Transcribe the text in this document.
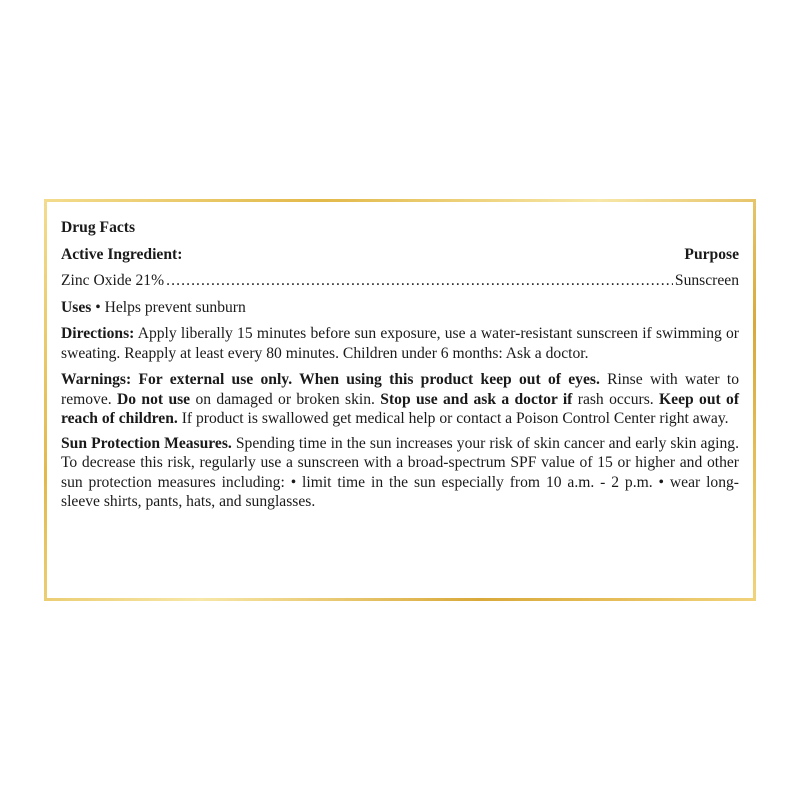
Drug Facts
Active Ingredient:	Purpose
Zinc Oxide 21%
. . .	Sunscreen

Uses • Helps prevent sunburn

Directions: Apply liberally 15 minutes before sun exposure, use a water-resistant sunscreen if swimming or sweating. Reapply at least every 80 minutes. Children under 6 months: Ask a doctor.

Warnings: For external use only. When using this product keep out of eyes. Rinse with water to remove. Do not use on damaged or broken skin. Stop use and ask a doctor if rash occurs. Keep out of reach of children. If product is swallowed get medical help or contact a Poison Control Center right away.

Sun Protection Measures. Spending time in the sun increases your risk of skin cancer and early skin aging. To decrease this risk, regularly use a sunscreen with a broad-spectrum SPF value of 15 or higher and other sun protection measures including: • limit time in the sun especially from 10 a.m. - 2 p.m. • wear long-sleeve shirts, pants, hats, and sunglasses.
